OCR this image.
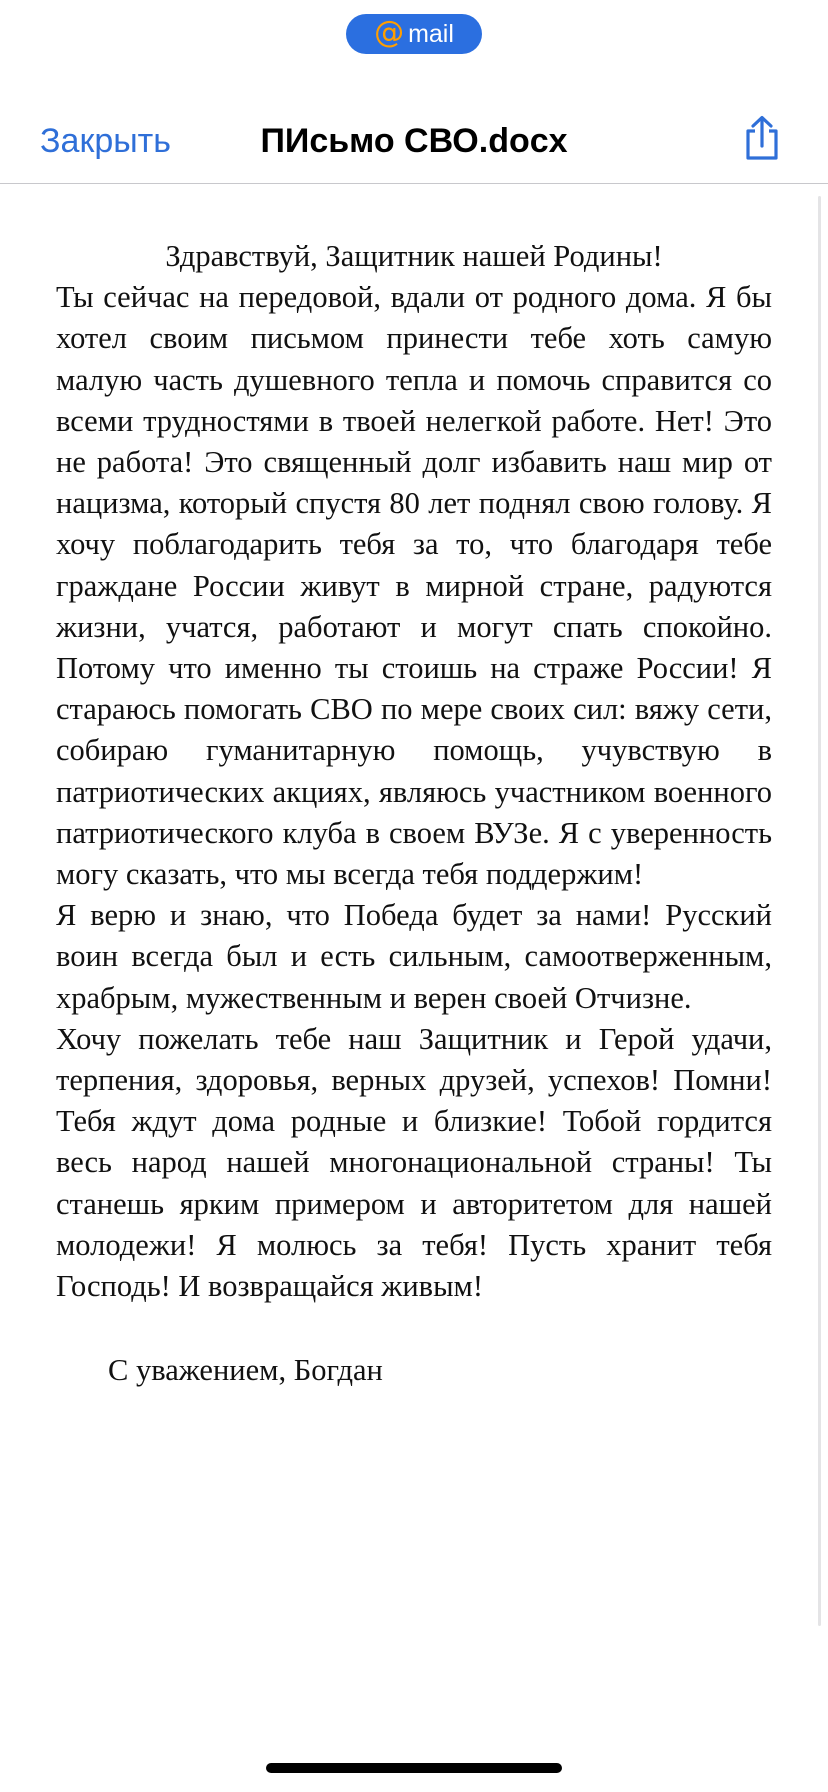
@ mail
Закрыть	ПИсьмо СВО.docx

Здравствуй, Защитник нашей Родины!

Ты сейчас на передовой, вдали от родного дома. Я бы хотел своим письмом принести тебе хоть самую малую часть душевного тепла и помочь справится со всеми трудностями в твоей нелегкой работе. Нет! Это не работа! Это священный долг избавить наш мир от нацизма, который спустя 80 лет поднял свою голову. Я хочу поблагодарить тебя за то, что благодаря тебе граждане России живут в мирной стране, радуются жизни, учатся, работают и могут спать спокойно. Потому что именно ты стоишь на страже России! Я стараюсь помогать СВО по мере своих сил: вяжу сети, собираю гуманитарную помощь, учувствую в патриотических акциях, являюсь участником военного патриотического клуба в своем ВУЗе. Я с уверенность могу сказать, что мы всегда тебя поддержим!

Я верю и знаю, что Победа будет за нами! Русский воин всегда был и есть сильным, самоотверженным, храбрым, мужественным и верен своей Отчизне.

Хочу пожелать тебе наш Защитник и Герой удачи, терпения, здоровья, верных друзей, успехов! Помни! Тебя ждут дома родные и близкие! Тобой гордится весь народ нашей многонациональной страны! Ты станешь ярким примером и авторитетом для нашей молодежи! Я молюсь за тебя! Пусть хранит тебя Господь! И возвращайся живым!

С уважением, Богдан
